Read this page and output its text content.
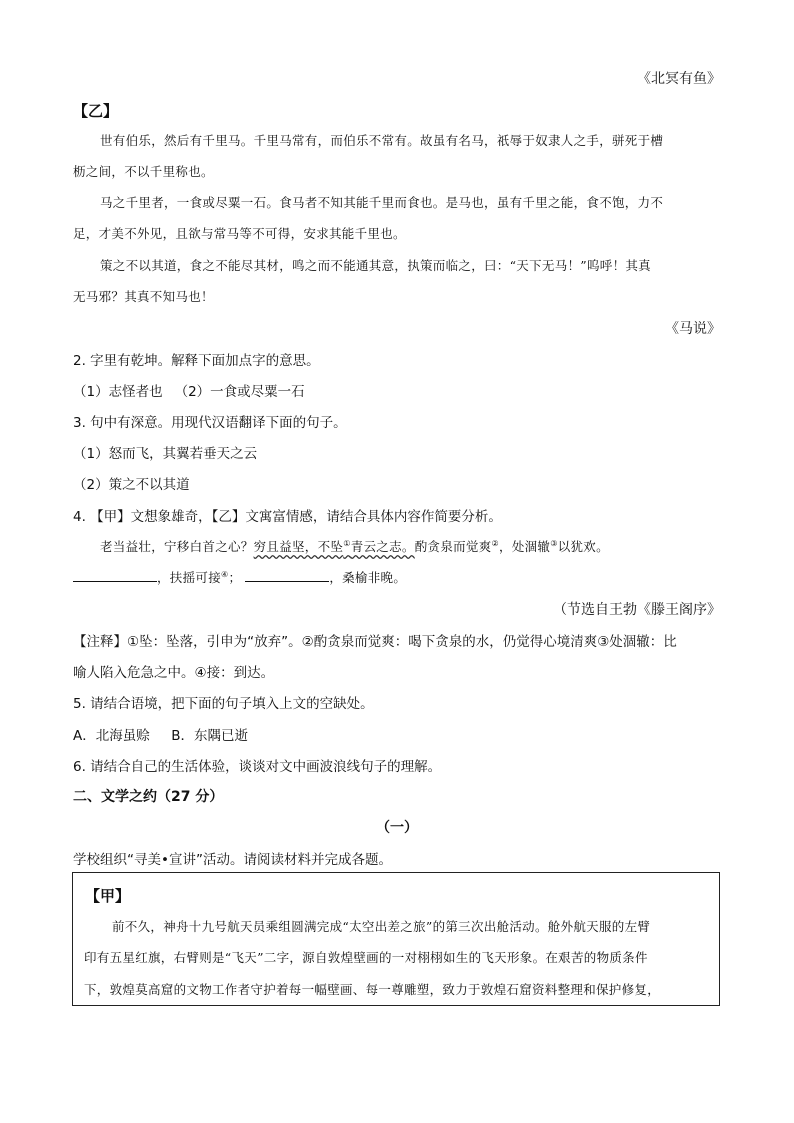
《北冥有鱼》
【乙】
世有伯乐，然后有千里马。千里马常有，而伯乐不常有。故虽有名马，祇辱于奴隶人之手，骈死于槽
枥之间，不以千里称也。
马之千里者，一食或尽粟一石。食马者不知其能千里而食也。是马也，虽有千里之能，食不饱，力不
足，才美不外见，且欲与常马等不可得，安求其能千里也。
策之不以其道，食之不能尽其材，鸣之而不能通其意，执策而临之，曰：“天下无马！”呜呼！其真
无马邪？其真不知马也！
《马说》
2. 字里有乾坤。解释下面加点字的意思。
（1）志怪者也 （2）一食或尽粟一石
3. 句中有深意。用现代汉语翻译下面的句子。
（1）怒而飞，其翼若垂天之云
（2）策之不以其道
4. 【甲】文想象雄奇，【乙】文寓富情感，请结合具体内容作简要分析。
老当益壮，宁移白首之心？穷且益坚，不坠①青云之志。酌贪泉而觉爽②，处涸辙③以犹欢。
，扶摇可接④；	，桑榆非晚。
（节选自王勃《滕王阁序》
【注释】①坠：坠落，引申为“放弃”。②酌贪泉而觉爽：喝下贪泉的水，仍觉得心境清爽③处涸辙：比
喻人陷入危急之中。④接：到达。
5. 请结合语境，把下面的句子填入上文的空缺处。
A．北海虽赊     B．东隅已逝
6. 请结合自己的生活体验，谈谈对文中画波浪线句子的理解。
二、文学之约（27 分）
（一）
学校组织“寻美•宣讲”活动。请阅读材料并完成各题。
【甲】
前不久，神舟十九号航天员乘组圆满完成“太空出差之旅”的第三次出舱活动。舱外航天服的左臂
印有五星红旗，右臂则是“飞天”二字，源自敦煌壁画的一对栩栩如生的飞天形象。在艰苦的物质条件
下，敦煌莫高窟的文物工作者守护着每一幅壁画、每一尊雕塑，致力于敦煌石窟资料整理和保护修复，
